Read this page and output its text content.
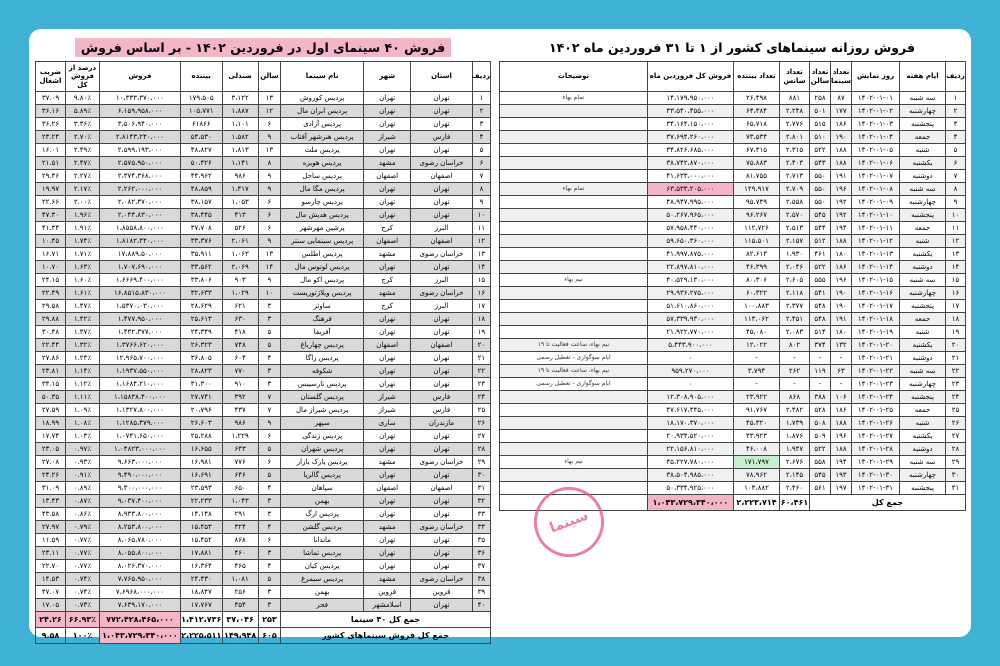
فروش ۴۰ سینمای اول در فروردین ۱۴۰۲ - بر اساس فروش
ردیف	استان	شهر	نام سینما	سالن	صندلی	بیننده	فروش	درصد از فروش کل	ضریب اشغال
۱	تهران	تهران	پردیس کوروش	۱۳	۳،۱۲۲	۱۷۹،۵۰۵	۱۰،۳۳۳،۳۷۰،۰۰۰	۹.۸۰٪	۳۷.۰۹
۲	تهران	تهران	پردیس ایران مال	۱۲	۱،۸۸۷	۱۰۵،۷۷۱	۶،۱۵۹،۹۵۸،۰۰۰	۵.۸۹٪	۳۶.۱۶
۳	تهران	تهران	پردیس آزادی	۶	۱،۱۰۱	۶۱۸۶۶	۳،۵۰۶،۹۴۰،۰۰۰	۳.۳۶٪	۳۶.۲۶
۴	فارس	شیراز	پردیس هنرشهر آفتاب	۹	۱،۵۸۲	۵۴،۵۳۰	۲،۸۱۴۳،۲۴۰،۰۰۰	۲.۷۰٪	۲۳.۲۴
۵	تهران	تهران	پردیس ملت	۱۳	۱،۸۱۳	۴۸،۸۲۷	۲،۵۹۹،۱۹۳،۰۰۰	۲.۴۹٪	۱۶.۰۱
۶	خراسان رضوی	مشهد	پردیس هویزه	۸	۱،۱۴۱	۵۰،۴۲۶	۲،۵۷۵،۹۵۰،۰۰۰	۲.۴۷٪	۲۱.۵۱
۷	اصفهان	اصفهان	پردیس ساحل	۹	۹۸۶	۴۴،۹۶۲	۲،۳۷۴،۳۶۸،۰۰۰	۲.۲۷٪	۲۹.۴۶
۸	تهران	تهران	پردیس مگا مال	۹	۱،۴۱۷	۴۸،۸۵۹	۲،۲۶۲،۰۰۰،۰۰۰	۲.۱۷٪	۱۹.۹۷
۹	تهران	تهران	پردیس چارسو	۶	۱،۰۵۳	۳۸،۱۵۷	۲،۰۸۲،۳۷۰،۰۰۰	۲.۰۰٪	۲۲.۶۶
۱۰	تهران	تهران	پردیس هدیش مال	۶	۴۱۳	۳۸،۴۴۵	۲،۰۴۴،۸۳۰،۰۰۰	۱.۹۶٪	۴۷.۳۰
۱۱	البرز	کرج	پرشین مهرشهر	۶	۵۲۶	۳۷،۷۰۸	۱،۸۵۵۸،۸۰۰،۰۰۰	۱.۹۱٪	۴۱.۳۴
۱۲	اصفهان	اصفهان	پردیس سینمایی سنتر	۹	۲،۰۶۱	۳۳،۳۷۶	۱،۸۱۸۲،۴۴۰،۰۰۰	۱.۷۴٪	۱۰.۴۵
۱۳	خراسان رضوی	مشهد	پردیس اطلس	۱۳	۱،۰۶۳	۳۵،۹۱۱	۱۷،۸۸۹،۵۰،۰۰۰	۱.۷۱٪	۱۶.۷۱
۱۴	تهران	تهران	پردیس لوتوس مال	۱۴	۲،۰۶۹	۳۳،۵۶۲	۱،۷۰۷،۶۹۰،۰۰۰	۱.۶۳٪	۱۰.۷۰
۱۵	البرز	کرج	پردیس اکو مال	۹	۹۰۳	۳۳،۸۰۶	۱،۶۶۶۹،۴۰۰،۰۰۰	۱.۶۰٪	۲۴.۱۵
۱۶	خراسان رضوی	مشهد	پردیس ویلاژتوریست	۱۰	۱،۰۲۹	۳۲،۶۳۳	۱۶،۸۵۱۵،۸۳۰،۰۰۰	۱.۶۱٪	۲۲.۴۹
۱۷	البرز	کرج	ساوئز	۳	۶۲۱	۲۸،۶۲۹	۱،۵۳۷۰،۰۳۰،۰۰۰	۱.۴۷٪	۲۹.۵۸
۱۸	تهران	تهران	فرهنگ	۳	۶۳۰	۲۵،۶۱۳	۱،۴۷۷،۹۵۰،۰۰۰	۱.۴۲٪	۲۹.۸۸
۱۹	تهران	تهران	آفریقا	۵	۴۱۸	۲۴،۳۴۹	۱،۴۳۲،۳۷۷،۰۰۰	۱.۳۷٪	۳۰.۴۸
۲۰	اصفهان	اصفهان	پردیس چهارباغ	۵	۷۴۸	۲۶،۳۲۳	۱،۳۷۶۶،۶۲۰،۰۰۰	۱.۳۲٪	۲۲.۴۴
۲۱	تهران	تهران	پردیس زاگا	۴	۶۰۴	۳۶،۸۰۵	۱۲،۹۶۵،۷۰۰،۰۰۰	۱.۲۴٪	۲۷.۸۶
۲۲	تهران	تهران	شکوفه	۳	۷۷۰	۲۸،۸۲۳	۱،۱۹۳۷،۵۵۰،۰۰۰	۱.۱۴٪	۲۳.۸۱
۲۳	تهران	تهران	پردیس تارسییس	۳	۹۱۰	۳۱،۳۰۰	۱،۱۶۸۴،۲۱۰،۰۰۰	۱.۱۲٪	۳۳.۱۵
۲۴	فارس	شیراز	پردیس گلستان	۷	۳۹۲	۲۷،۷۴۱	۱،۱۵۸۳۸،۴۰۰،۰۰۰	۱.۱۱٪	۵۰.۳۵
۲۵	فارس	شیراز	پردیس شیراز مال	۷	۴۳۷	۲۰،۷۹۶	۱،۱۳۲۷،۸۰۰،۰۰۰	۱.۰۹٪	۲۷.۵۹
۲۶	مازندران	ساری	سپهر	۹	۹۸۶	۲۶،۶۰۳	۱،۱۲۸۵،۴۷۹،۰۰۰	۱.۰۸٪	۱۸.۹۹
۲۷	تهران	تهران	پردیس زندگی	۶	۱،۲۲۹	۲۵،۲۸۸	۱،۰۷۴۱،۶۵۰،۰۰۰	۱.۰۳٪	۱۷.۷۴
۲۸	تهران	تهران	پردیس شهران	۵	۶۴۳	۱۶،۶۵۵	۱،۰۴۸۲۳،۰۰۰،۰۰۰	۰.۹۷٪	۲۳.۰۵
۲۹	خراسان رضوی	مشهد	پردیس پارک بازار	۶	۷۷۶	۱۶،۹۸۱	۹،۶۶۳،۰۰۰،۰۰۰	۰.۹۳٪	۲۷.۰۸
۳۰	تهران	تهران	پردیس گالریا	۵	۶۴۶	۱۶،۶۹۱	۹،۴۹۰،۰۰۰،۰۰۰	۰.۹۱٪	۲۴.۲۶
۳۱	اصفهان	اصفهان	سپاهان	۴	۶۵۰	۲۳،۵۹۳	۹،۳۰۰،۰۰۰،۰۰۰	۰.۸۹٪	۳۱.۰۹
۳۲	تهران	تهران	بهمن	۳	۱،۰۴۳	۲۲،۲۳۳	۹،۰۳۷،۴۰۰،۰۰۰	۰.۸۷٪	۱۳.۴۳
۳۳	تهران	تهران	پردیس ارگ	۳	۲۹۱	۱۴،۱۴۸	۸،۹۳۳،۸۰۰،۰۰۰	۰.۸۶٪	۴۳.۵۸
۳۴	خراسان رضوی	مشهد	پردیس گلشن	۴	۳۲۴	۱۵،۴۵۳	۸،۲۵۳،۸۰۰،۰۰۰	۰.۷۹٪	۲۷.۹۷
۳۵	تهران	تهران	ماندانا	۶	۸۶۸	۱۵،۴۵۲	۸،۰۶۵،۷۸۰،۰۰۰	۰.۷۷٪	۱۱.۵۹
۳۶	تهران	تهران	پردیس تماشا	۳	۴۶۰	۱۷،۸۸۱	۸،۰۵۵،۸۰۰،۰۰۰	۰.۷۷٪	۲۳.۱۱
۳۷	تهران	تهران	پردیس کیان	۴	۴۶۵	۱۶،۳۶۴	۸،۰۲۶،۳۷۰،۰۰۰	۰.۷۷٪	۲۲.۷۰
۳۸	خراسان رضوی	مشهد	پردیس سیمرغ	۵	۱،۰۸۱	۲۴،۴۳۰	۷،۷۶۵،۹۵۰،۰۰۰	۰.۷۴٪	۱۴.۵۳
۳۹	قزوین	قزوین	بهمن	۳	۲۵۶	۱۸،۸۴۷	۷،۶۹۶۸،۰۰۰،۰۰۰	۰.۷۴٪	۴۷.۰۷
۴۰	تهران	اسلامشهر	فجر	۳	۴۵۴	۱۷،۷۶۷	۷،۶۳۹،۱۷۰،۰۰۰	۰.۷۳٪	۱۷.۰۵
جمع کل ۴۰ سینما				۲۵۳	۳۷،۰۴۶	۱،۴۱۲،۷۳۶	۷۷۲،۴۲۸،۴۶۵،۰۰۰	۶۶.۹۳٪	۲۴.۲۶
جمع کل فروش سینماهای کشور				۶۰۵	۱۴۹،۹۴۸	۲،۲۲۵،۵۱۱	۱،۰۴۳،۷۲۹،۳۴۰،۰۰۰	۱۰۰٪	۹.۵۸
فروش روزانه سینماهای کشور از ۱ تا ۳۱ فروردین ماه ۱۴۰۲
ردیف	ایام هفته	روز نمایش	تعداد سینما	تعداد سالن	تعداد سانس	تعداد بیننده	فروش کل فروردین ماه	توضیحات
۱	سه شنبه	۱۴۰۲-۰۱-۰۱	۸۷	۲۵۸	۸۸۱	۲۶،۴۹۸	۱۴،۱۷۹،۹۵۰،۰۰۰	تمام بهاء
۲	چهارشنبه	۱۴۰۲-۰۱-۰۲	۱۷۷	۵۰۱	۲،۲۴۸	۶۴،۳۸۴	۳۳،۵۴۰،۴۵۵،۰۰۰	
۳	پنجشنبه	۱۴۰۲-۰۱-۰۳	۱۸۶	۵۱۵	۲،۷۷۶	۶۵،۷۱۸	۳۴،۱۶۴،۱۵۰،۰۰۰	
۴	جمعه	۱۴۰۲-۰۱-۰۴	۱۹۰	۵۱۰	۲،۸۰۱	۷۳،۵۳۴	۳۷،۶۹۴،۲۶۰،۰۰۰	
۵	شنبه	۱۴۰۲-۰۱-۰۵	۱۸۸	۵۲۲	۲،۳۱۵	۶۷،۳۱۵	۳۴،۸۲۶،۶۸۵،۰۰۰	
۶	یکشنبه	۱۴۰۲-۰۱-۰۶	۱۸۸	۵۴۳	۲،۴۰۳	۷۵،۸۸۳	۳۸،۷۴۲،۸۷۰،۰۰۰	
۷	دوشنبه	۱۴۰۲-۰۱-۰۷	۱۹۱	۵۵۰	۲،۷۱۳	۸۱،۷۵۵	۴۱،۶۳۳،۰۰۰،۰۰۰	
۸	سه شنبه	۱۴۰۲-۰۱-۰۸	۱۹۶	۵۵۰	۲،۷۰۹	۱۲۹،۹۱۷	۶۳،۵۳۳،۲۰۵،۰۰۰	تمام بهاء
۹	چهارشنبه	۱۴۰۲-۰۱-۰۹	۱۹۲	۵۵۰	۲،۵۵۸	۹۵،۷۴۹	۴۸،۹۴۷،۹۹۵،۰۰۰	
۱۰	پنجشنبه	۱۴۰۲-۰۱-۱۰	۱۹۲	۵۴۵	۲،۵۷۰	۹۶،۲۶۷	۵۰،۲۶۷،۹۶۵،۰۰۰	
۱۱	جمعه	۱۴۰۲-۰۱-۱۱	۱۹۴	۵۴۴	۲،۵۱۳	۱۱۲،۷۲۶	۵۷،۹۵۸،۴۴۰،۰۰۰	
۱۲	شنبه	۱۴۰۲-۰۱-۱۲	۱۸۸	۵۱۲	۲،۱۵۷	۱۱۵،۵۰۱	۵۹،۶۵۰،۳۶۰،۰۰۰	
۱۳	یکشنبه	۱۴۰۲-۰۱-۱۳	۱۸۰	۴۶۱	۱،۹۳۰	۸۲،۶۱۳	۴۱،۹۹۷،۸۷۵،۰۰۰	
۱۴	دوشنبه	۱۴۰۲-۰۱-۱۴	۱۸۶	۵۲۲	۲،۰۴۶	۴۶،۳۹۹	۲۲،۸۹۷،۸۱۰،۰۰۰	
۱۵	سه شنبه	۱۴۰۲-۰۱-۱۵	۱۹۶	۵۵۵	۲،۶۰۵	۸۰،۳۰۶	۴۰،۵۲۹،۱۳۰،۰۰۰	نیم بهاء
۱۶	چهارشنبه	۱۴۰۲-۰۱-۱۶	۱۹۰	۵۴۱	۲،۱۱۸	۶۰،۳۲۲	۲۹،۹۳۶،۲۷۵،۰۰۰	
۱۷	پنجشنبه	۱۴۰۲-۰۱-۱۷	۱۹۰	۵۴۸	۲،۳۷۷	۱۰۰،۸۸۳	۵۱،۶۱۰،۸۶۰،۰۰۰	
۱۸	جمعه	۱۴۰۲-۰۱-۱۸	۱۹۱	۵۴۸	۲،۴۵۱	۱۱۳،۰۶۲	۵۷،۳۳۹،۹۳۰،۰۰۰	
۱۹	شنبه	۱۴۰۲-۰۱-۱۹	۱۸۰	۵۱۴	۲،۰۸۳	۴۵،۰۸۰	۲۱،۹۲۲،۷۷۰،۰۰۰	
۲۰	یکشنبه	۱۴۰۲-۰۱-۲۰	۱۳۲	۳۷۴	۸۰۲	۱۲،۰۲۲	۵،۴۴۳،۹۰۰،۰۰۰	نیم بهاء، ساعت فعالیت تا ۱۹
۲۱	دوشنبه	۱۴۰۲-۰۱-۲۱	-	-	-	-	۰	ایام سوگواری - تعطیل رسمی
۲۲	سه شنبه	۱۴۰۲-۰۱-۲۲	۶۳	۱۱۹	۲۶۲	۳،۷۹۴	۹۵۹،۲۷۰،۰۰۰	نیم بهاء، ساعت فعالیت تا ۱۹
۲۳	چهارشنبه	۱۴۰۲-۰۱-۲۳	-	-	-	-	۰	ایام سوگواری - تعطیل رسمی
۲۴	پنجشنبه	۱۴۰۲-۰۱-۲۴	۱۰۶	۳۸۸	۸۶۸	۲۳،۹۲۲	۱۲،۳۰۸،۹۰۵،۰۰۰	
۲۵	جمعه	۱۴۰۲-۰۱-۲۵	۱۸۶	۵۲۸	۲،۴۸۲	۹۱،۷۶۷	۴۷،۶۱۷،۴۴۵،۰۰۰	
۲۶	شنبه	۱۴۰۲-۰۱-۲۶	۱۸۸	۵۰۸	۱،۷۳۹	۴۵،۳۲۰	۱۸،۱۷۰،۳۷۰،۰۰۰	
۲۷	یکشنبه	۱۴۰۲-۰۱-۲۷	۱۹۶	۵۰۹	۱،۸۷۶	۴۳،۹۲۳	۲۰،۹۳۴،۵۲۰،۰۰۰	
۲۸	دوشنبه	۱۴۰۲-۰۱-۲۸	۱۸۸	۵۲۲	۱،۹۴۷	۴۶،۰۰۸	۲۲،۱۵۶،۸۱۰،۰۰۰	
۲۹	سه شنبه	۱۴۰۲-۰۱-۲۹	۱۹۴	۵۵۸	۲،۶۷۶	۱۷۱،۷۹۷	۴۵،۲۲۷،۷۸۰،۰۰۰	نیم بهاء
۳۰	چهارشنبه	۱۴۰۲-۰۱-۳۰	۱۹۳	۵۴۵	۲،۱۴۵	۷۸،۹۶۲	۳۸،۵۰۴،۹۸۵،۰۰۰	
۳۱	پنجشنبه	۱۴۰۲-۰۱-۳۱	۱۹۷	۵۶۱	۲،۴۶۰	۱۰۴،۸۸۲	۵۰،۳۳۴،۹۲۵،۰۰۰	
جمع کل					۶۰،۴۶۱	۲،۲۲۳،۷۱۴	۱،۰۴۳،۷۲۹،۳۴۰،۰۰۰	
سینما
